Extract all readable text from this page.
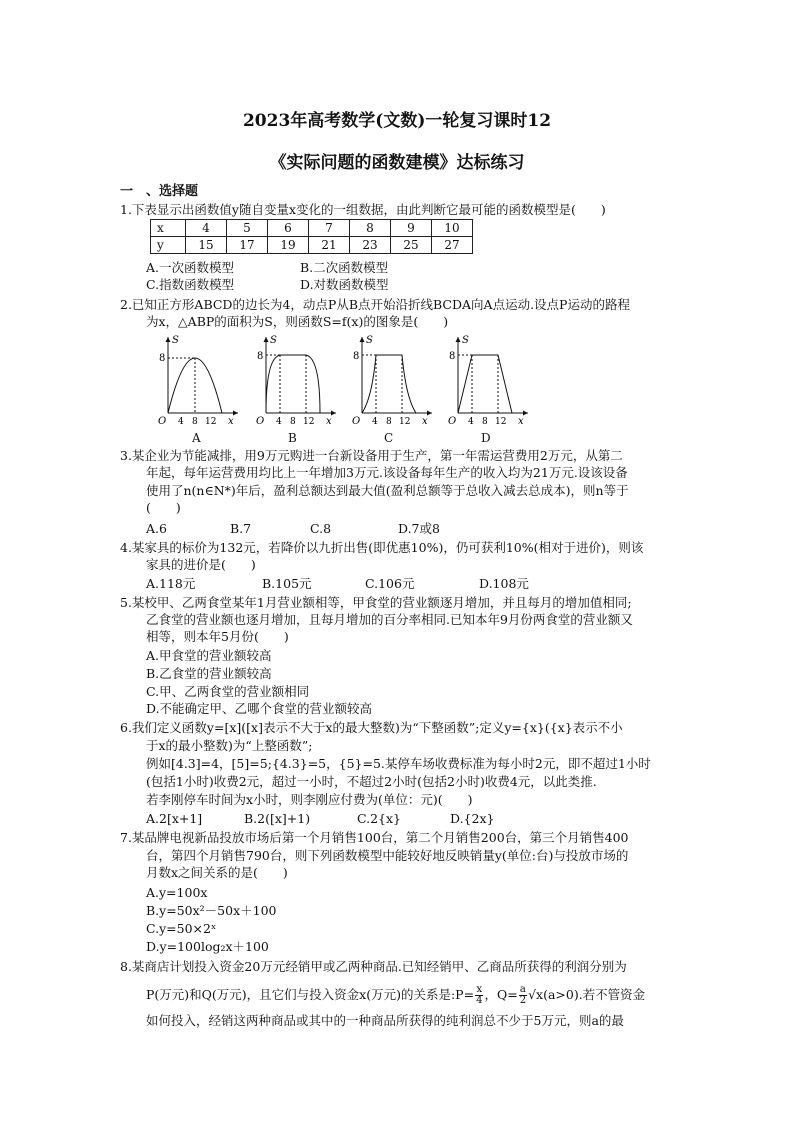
2023年高考数学(文数)一轮复习课时12
《实际问题的函数建模》达标练习
一　、选择题
1.下表显示出函数值y随自变量x变化的一组数据，由此判断它最可能的函数模型是(　　)
x	4	5	6	7	8	9	10
y	15	17	19	21	23	25	27
A.一次函数模型	B.二次函数模型
C.指数函数模型	D.对数函数模型
2.已知正方形ABCD的边长为4，动点P从B点开始沿折线BCDA向A点运动.设点P运动的路程
为x，△ABP的面积为S，则函数S=f(x)的图象是(　　)
S
8
O 4 8 12 x
S
8
O 4 8 12 x
S
8
O 4 8 12 x
S
8
O 4 8 12 x
A	B	C	D
3.某企业为节能减排，用9万元购进一台新设备用于生产，第一年需运营费用2万元，从第二
年起，每年运营费用均比上一年增加3万元.该设备每年生产的收入均为21万元.设该设备
使用了n(n∈N*)年后，盈利总额达到最大值(盈利总额等于总收入减去总成本)，则n等于
(　　)
A.6	B.7	C.8	D.7或8
4.某家具的标价为132元，若降价以九折出售(即优惠10%)，仍可获利10%(相对于进价)，则该
家具的进价是(　　)
A.118元	B.105元	C.106元	D.108元
5.某校甲、乙两食堂某年1月营业额相等，甲食堂的营业额逐月增加，并且每月的增加值相同;
乙食堂的营业额也逐月增加，且每月增加的百分率相同.已知本年9月份两食堂的营业额又
相等，则本年5月份(　　)
A.甲食堂的营业额较高
B.乙食堂的营业额较高
C.甲、乙两食堂的营业额相同
D.不能确定甲、乙哪个食堂的营业额较高
6.我们定义函数y=[x]([x]表示不大于x的最大整数)为“下整函数”;定义y={x}({x}表示不小
于x的最小整数)为“上整函数”;
例如[4.3]=4，[5]=5;{4.3}=5，{5}=5.某停车场收费标准为每小时2元，即不超过1小时
(包括1小时)收费2元，超过一小时，不超过2小时(包括2小时)收费4元，以此类推.
若李刚停车时间为x小时，则李刚应付费为(单位：元)(　　)
A.2[x+1]	B.2([x]+1)	C.2{x}	D.{2x}
7.某品牌电视新品投放市场后第一个月销售100台，第二个月销售200台，第三个月销售400
台，第四个月销售790台，则下列函数模型中能较好地反映销量y(单位:台)与投放市场的
月数x之间关系的是(　　)
A.y=100x
B.y=50x²－50x＋100
C.y=50×2ˣ
D.y=100log₂x＋100
8.某商店计划投入资金20万元经销甲或乙两种商品.已知经销甲、乙商品所获得的利润分别为
P(万元)和Q(万元)，且它们与投入资金x(万元)的关系是:P= $\frac{x}{4}$ ，$Q= \frac{a}{2} √x(a>0)$.若不管资金
如何投入，经销这两种商品或其中的一种商品所获得的纯利润总不少于5万元，则a的最
